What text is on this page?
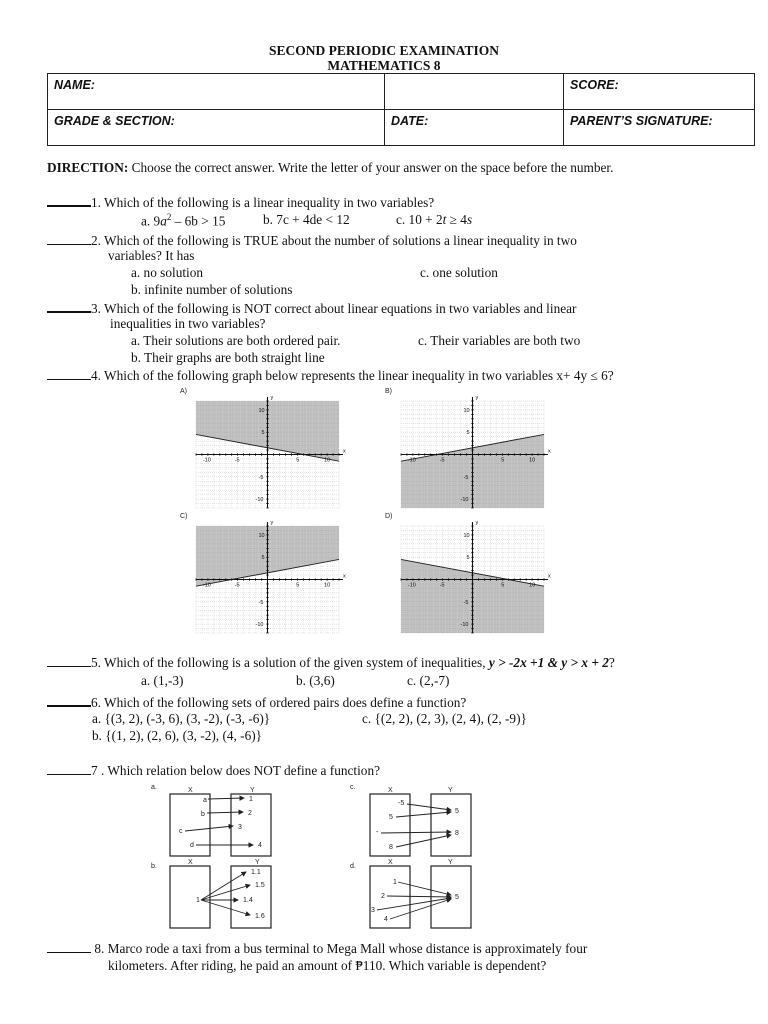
SECOND PERIODIC EXAMINATION
MATHEMATICS 8
NAME:		SCORE:
GRADE & SECTION:	DATE:	PARENT’S SIGNATURE:
DIRECTION: Choose the correct answer. Write the letter of your answer on the space before the number.
1. Which of the following is a linear inequality in two variables?
a. $9a^2 - 6b > 15$	b. 7c + 4de < 12	c. 10 + 2t ≥ 4s
2. Which of the following is TRUE about the number of solutions a linear inequality in two
variables? It has
a. no solution	c. one solution
b. infinite number of solutions
3. Which of the following is NOT correct about linear equations in two variables and linear
inequalities in two variables?
a. Their solutions are both ordered pair.	c. Their variables are both two
b. Their graphs are both straight line
4. Which of the following graph below represents the linear inequality in two variables x+ 4y ≤ 6?
A)
-10	-5	5	10
x
10
5
-5
-10
y
B)
-10	-5	5	10
x
10
5
-5
-10
y
C)
-10	-5	5	10
x
10
5
-5
-10
y
D)
-10	-5	5	10
x
10
5
-5
-10
y
5. Which of the following is a solution of the given system of inequalities, y > -2x +1 & y > x + 2?
a. (1,-3)	b. (3,6)	c. (2,-7)
6. Which of the following sets of ordered pairs does define a function?
a. {(3, 2), (-3, 6), (3, -2), (-3, -6)}	c. {(2, 2), (2, 3), (2, 4), (2, -9)}
b. {(1, 2), (2, 6), (3, -2), (4, -6)}
7 . Which relation below does NOT define a function?
a.	X	Y
a
b
c
d
1
2
3
4
c.	X	Y
-5
5
-
8
5
8
b.
X	Y
1
1.1
1.5
1.4
1.6
d.
X	Y
1
2
3
4
5
8. Marco rode a taxi from a bus terminal to Mega Mall whose distance is approximately four
kilometers. After riding, he paid an amount of ₱110. Which variable is dependent?
